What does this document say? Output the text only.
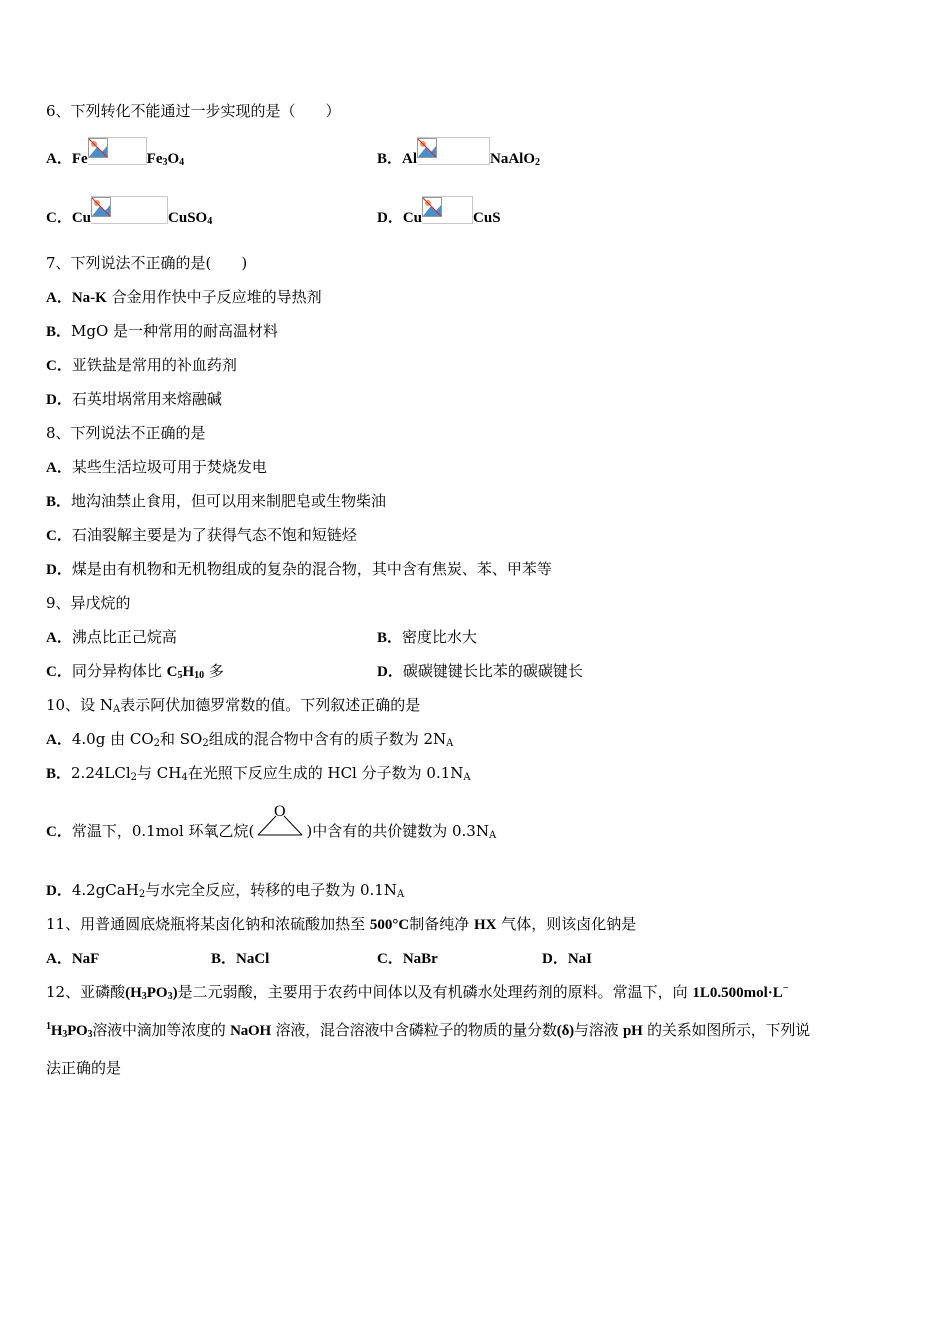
6、下列转化不能通过一步实现的是（　　）
A．Fe	$Fe_3O_4$	B．Al	NaAlO$_2$
C．Cu	CuSO$_4$	D．Cu	CuS
7、下列说法不正确的是(　　)
A．Na-K 合金用作快中子反应堆的导热剂
B．MgO 是一种常用的耐高温材料
C．亚铁盐是常用的补血药剂
D．石英坩埚常用来熔融碱
8、下列说法不正确的是
A．某些生活垃圾可用于焚烧发电
B．地沟油禁止食用，但可以用来制肥皂或生物柴油
C．石油裂解主要是为了获得气态不饱和短链烃
D．煤是由有机物和无机物组成的复杂的混合物，其中含有焦炭、苯、甲苯等
9、异戊烷的
A．沸点比正己烷高	B．密度比水大
C．同分异构体比 $C_5H_{10}$ 多	D．碳碳键键长比苯的碳碳键长
10、设 $N_A$表示阿伏加德罗常数的值。下列叙述正确的是
A．4.0g 由 $CO_2$和 $SO_2$组成的混合物中含有的质子数为 $2N_A$
B．2.24LCl$_2$与 $CH_4$在光照下反应生成的 HCl 分子数为 $0.1N_A$
C．常温下，0.1mol 环氧乙烷(
O
)中含有的共价键数为 $0.3N_A$
D．4.2gCaH$_2$与水完全反应，转移的电子数为 $0.1N_A$
11、用普通圆底烧瓶将某卤化钠和浓硫酸加热至 500°C制备纯净 HX 气体，则该卤化钠是
A．NaF	B．NaCl	C．NaBr	D．NaI
12、亚磷酸$(H_3PO_3)$是二元弱酸，主要用于农药中间体以及有机磷水处理药剂的原料。常温下，向 1L0.500mol·L−
$^1H_3PO_3$溶液中滴加等浓度的 NaOH 溶液，混合溶液中含磷粒子的物质的量分数(δ)与溶液 pH 的关系如图所示，下列说
法正确的是
